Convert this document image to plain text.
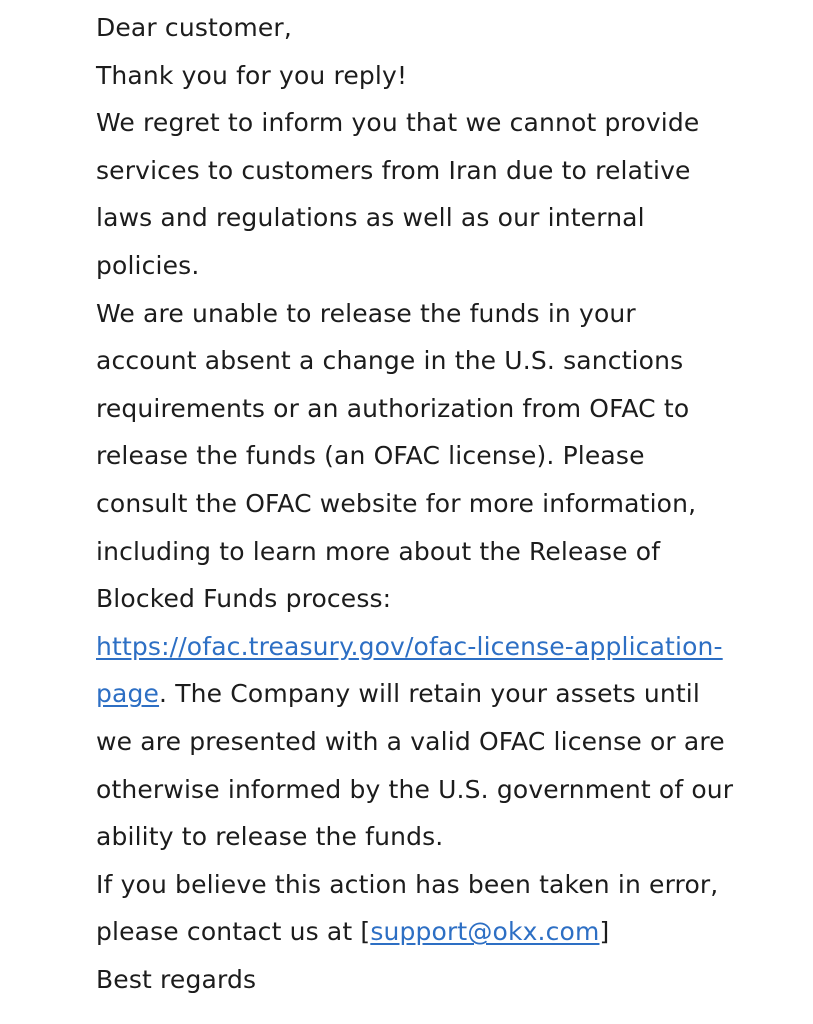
Dear customer,
Thank you for you reply!
We regret to inform you that we cannot provide
services to customers from Iran due to relative
laws and regulations as well as our internal
policies.
We are unable to release the funds in your
account absent a change in the U.S. sanctions
requirements or an authorization from OFAC to
release the funds (an OFAC license). Please
consult the OFAC website for more information,
including to learn more about the Release of
Blocked Funds process:
https://ofac.treasury.gov/ofac-license-application-
page. The Company will retain your assets until
we are presented with a valid OFAC license or are
otherwise informed by the U.S. government of our
ability to release the funds.
If you believe this action has been taken in error,
please contact us at [support@okx.com]
Best regards
